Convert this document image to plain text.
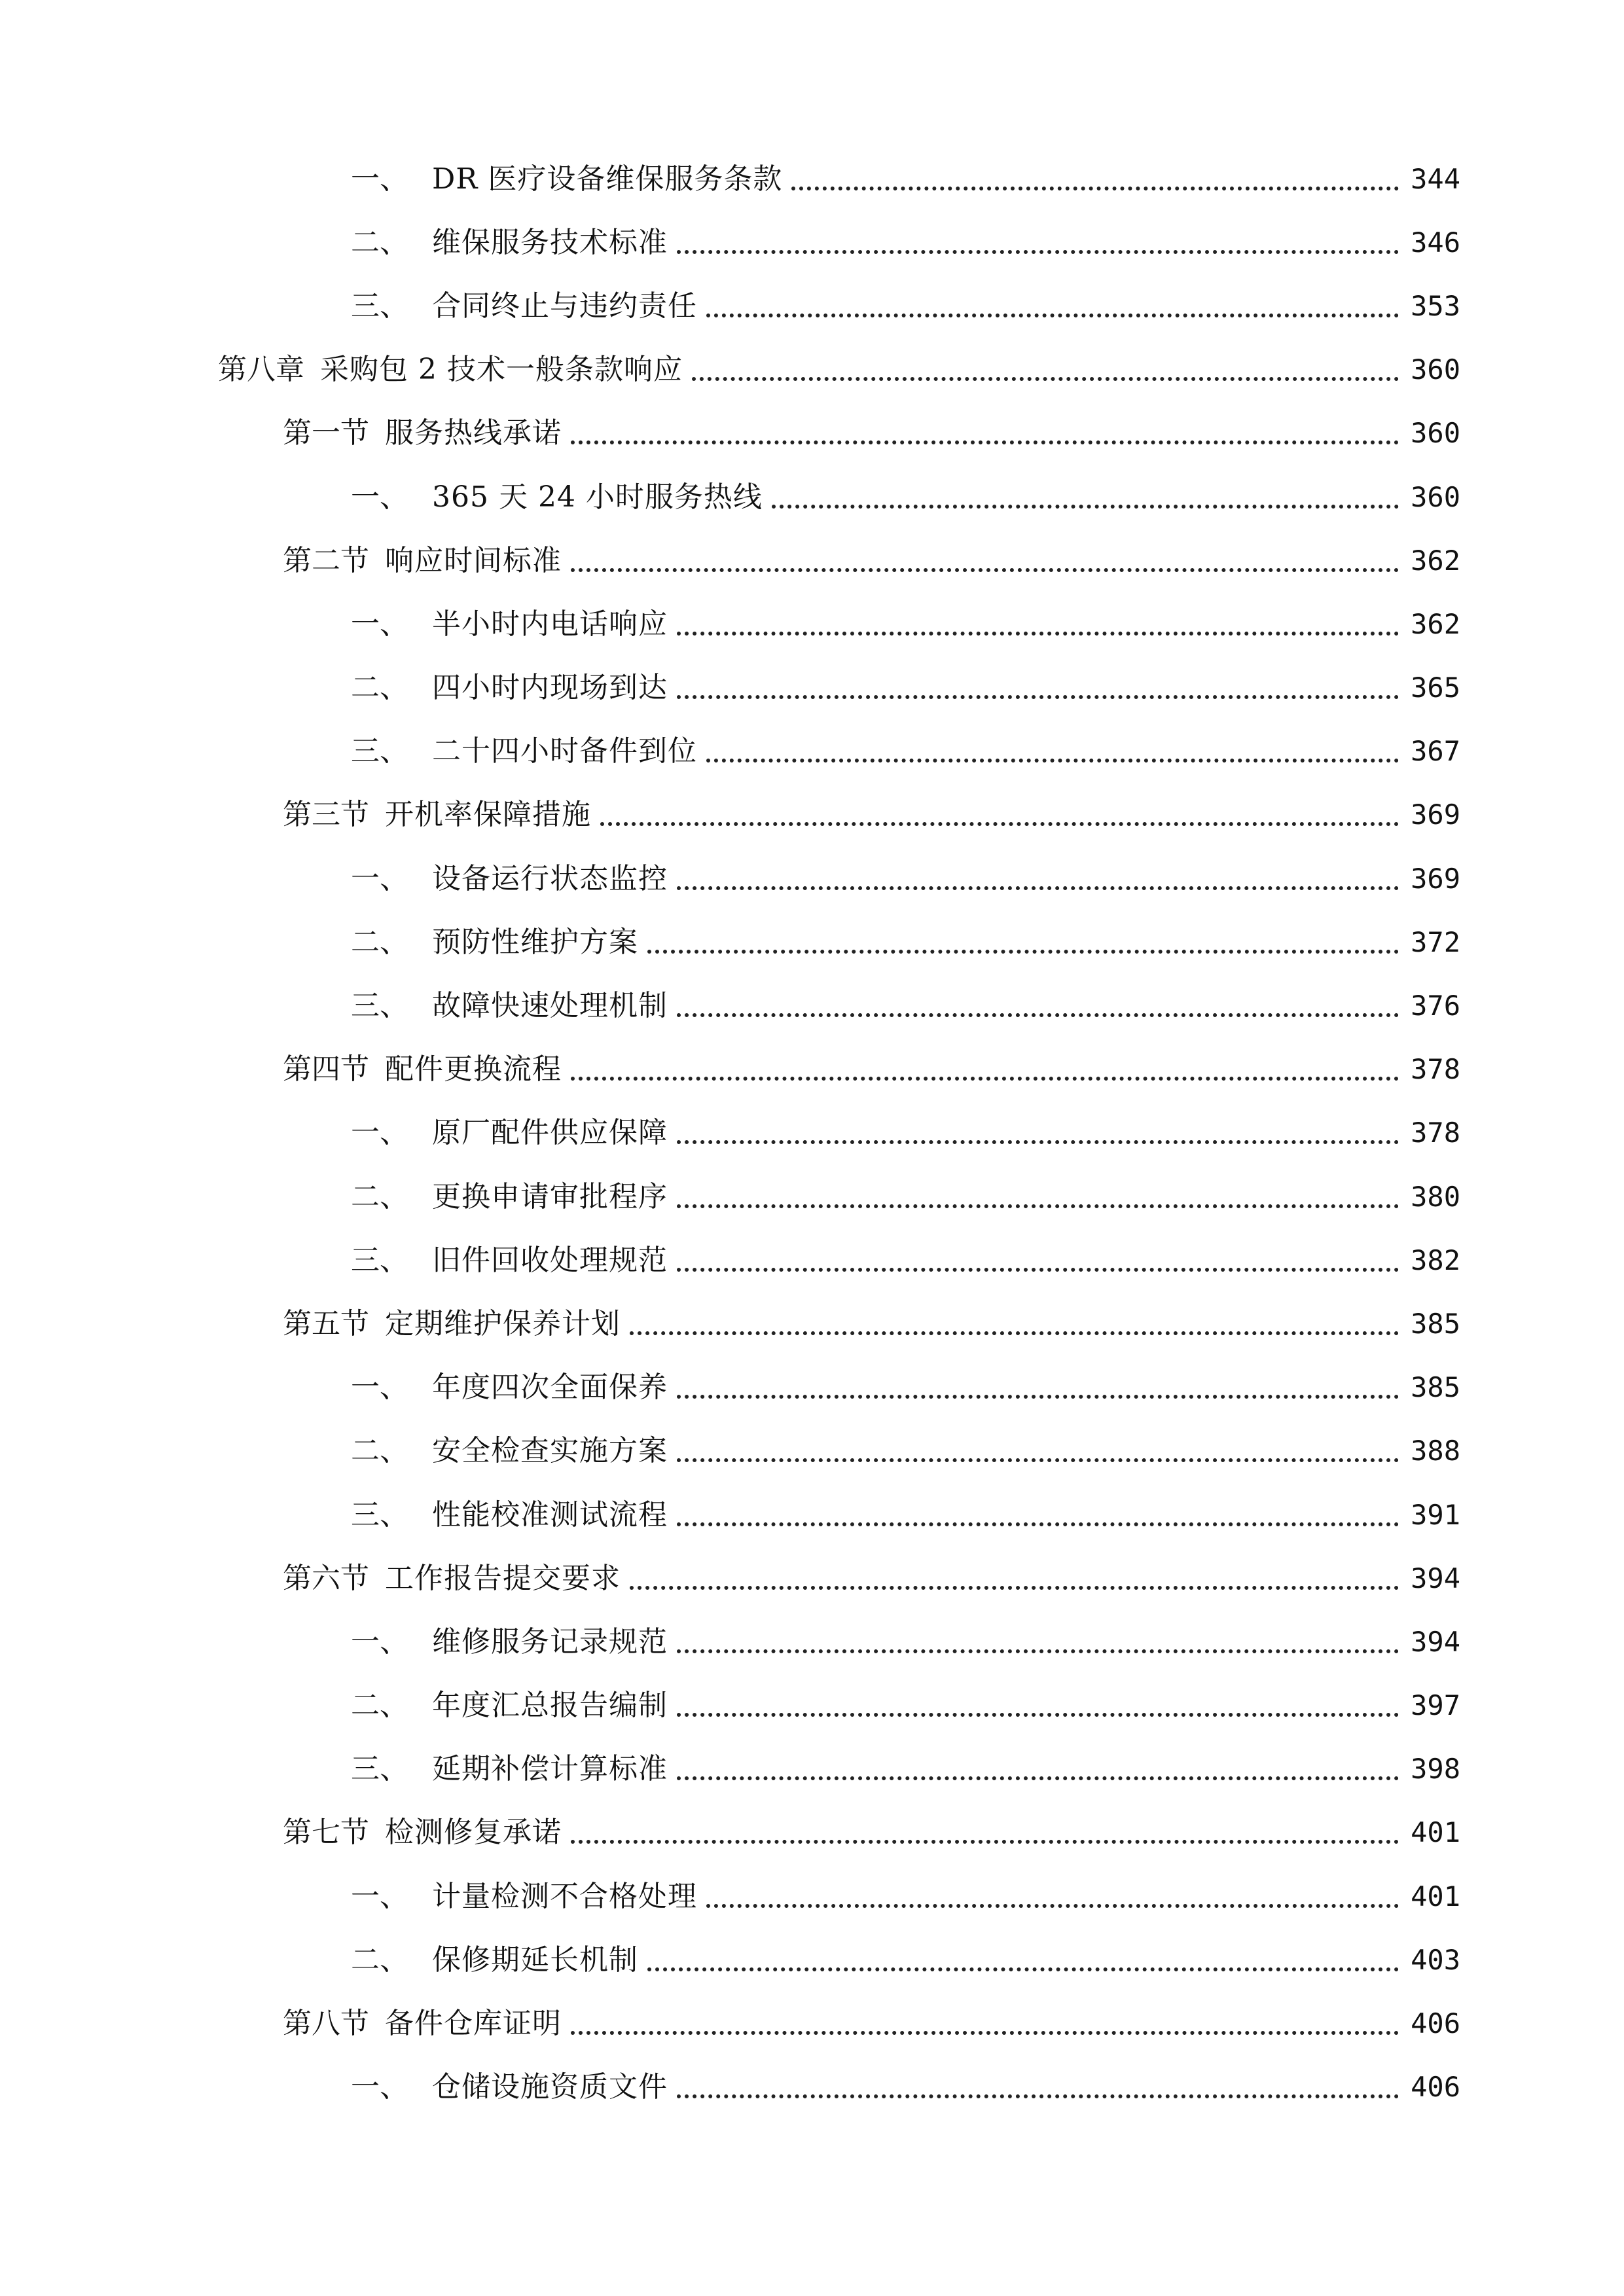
一、 DR 医疗设备维保服务条款	344
二、 维保服务技术标准	346
三、 合同终止与违约责任	353
第八章 采购包 2 技术一般条款响应	360
第一节 服务热线承诺	360
一、 365 天 24 小时服务热线	360
第二节 响应时间标准	362
一、 半小时内电话响应	362
二、 四小时内现场到达	365
三、 二十四小时备件到位	367
第三节 开机率保障措施	369
一、 设备运行状态监控	369
二、 预防性维护方案	372
三、 故障快速处理机制	376
第四节 配件更换流程	378
一、 原厂配件供应保障	378
二、 更换申请审批程序	380
三、 旧件回收处理规范	382
第五节 定期维护保养计划	385
一、 年度四次全面保养	385
二、 安全检查实施方案	388
三、 性能校准测试流程	391
第六节 工作报告提交要求	394
一、 维修服务记录规范	394
二、 年度汇总报告编制	397
三、 延期补偿计算标准	398
第七节 检测修复承诺	401
一、 计量检测不合格处理	401
二、 保修期延长机制	403
第八节 备件仓库证明	406
一、 仓储设施资质文件	406
